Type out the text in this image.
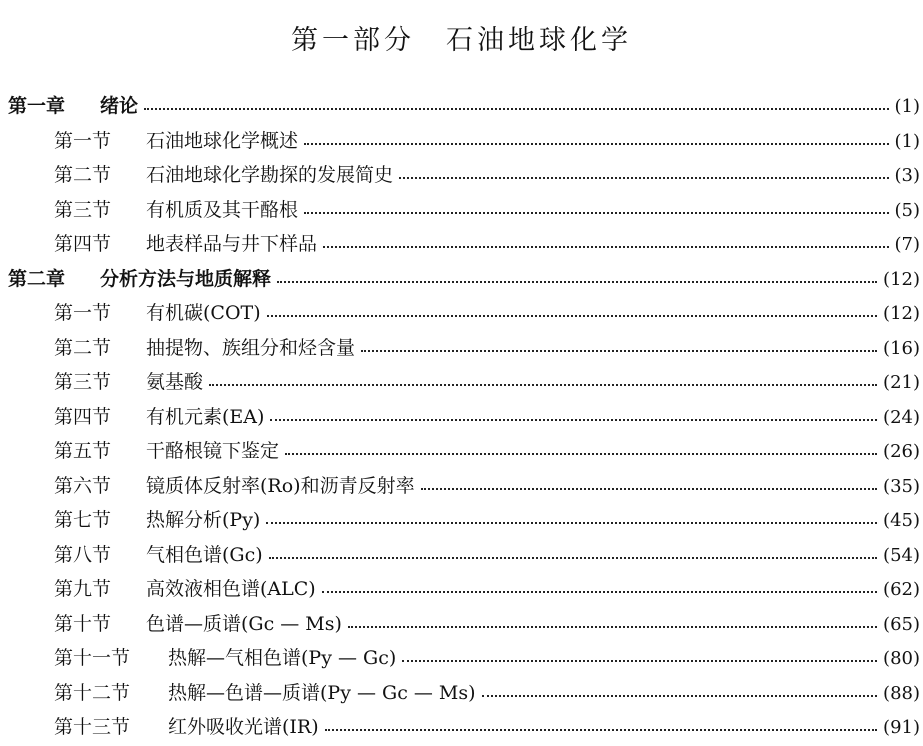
第一部分　石油地球化学
第一章	绪论	(1)
第一节	石油地球化学概述	(1)
第二节	石油地球化学勘探的发展简史	(3)
第三节	有机质及其干酪根	(5)
第四节	地表样品与井下样品	(7)
第二章	分析方法与地质解释	(12)
第一节	有机碳(COT)	(12)
第二节	抽提物、族组分和烃含量	(16)
第三节	氨基酸	(21)
第四节	有机元素(EA)	(24)
第五节	干酪根镜下鉴定	(26)
第六节	镜质体反射率(Ro)和沥青反射率	(35)
第七节	热解分析(Py)	(45)
第八节	气相色谱(Gc)	(54)
第九节	高效液相色谱(ALC)	(62)
第十节	色谱—质谱(Gc — Ms)	(65)
第十一节	热解—气相色谱(Py — Gc)	(80)
第十二节	热解—色谱—质谱(Py — Gc — Ms)	(88)
第十三节	红外吸收光谱(IR)	(91)
